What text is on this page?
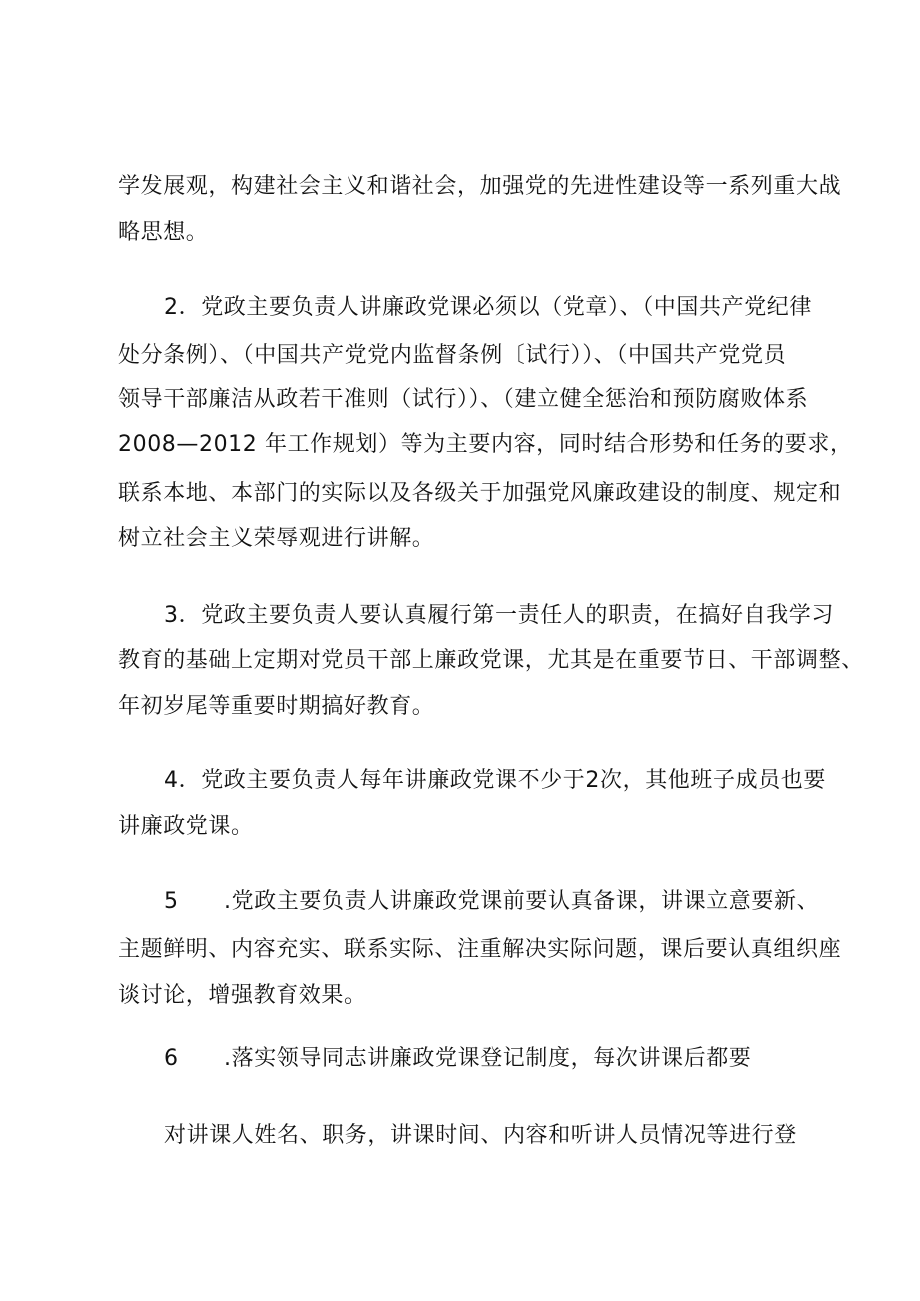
学发展观，构建社会主义和谐社会，加强党的先进性建设等一系列重大战
略思想。
2．党政主要负责人讲廉政党课必须以（党章）、（中国共产党纪律
处分条例）、（中国共产党党内监督条例〔试行））、（中国共产党党员
领导干部廉洁从政若干准则（试行））、（建立健全惩治和预防腐败体系
2008—2012 年工作规划）等为主要内容，同时结合形势和任务的要求，
联系本地、本部门的实际以及各级关于加强党风廉政建设的制度、规定和
树立社会主义荣辱观进行讲解。
3．党政主要负责人要认真履行第一责任人的职责，在搞好自我学习
教育的基础上定期对党员干部上廉政党课，尤其是在重要节日、干部调整、
年初岁尾等重要时期搞好教育。
4．党政主要负责人每年讲廉政党课不少于2次，其他班子成员也要
讲廉政党课。
5 .党政主要负责人讲廉政党课前要认真备课，讲课立意要新、
主题鲜明、内容充实、联系实际、注重解决实际问题，课后要认真组织座
谈讨论，增强教育效果。
6 .落实领导同志讲廉政党课登记制度，每次讲课后都要
对讲课人姓名、职务，讲课时间、内容和听讲人员情况等进行登
